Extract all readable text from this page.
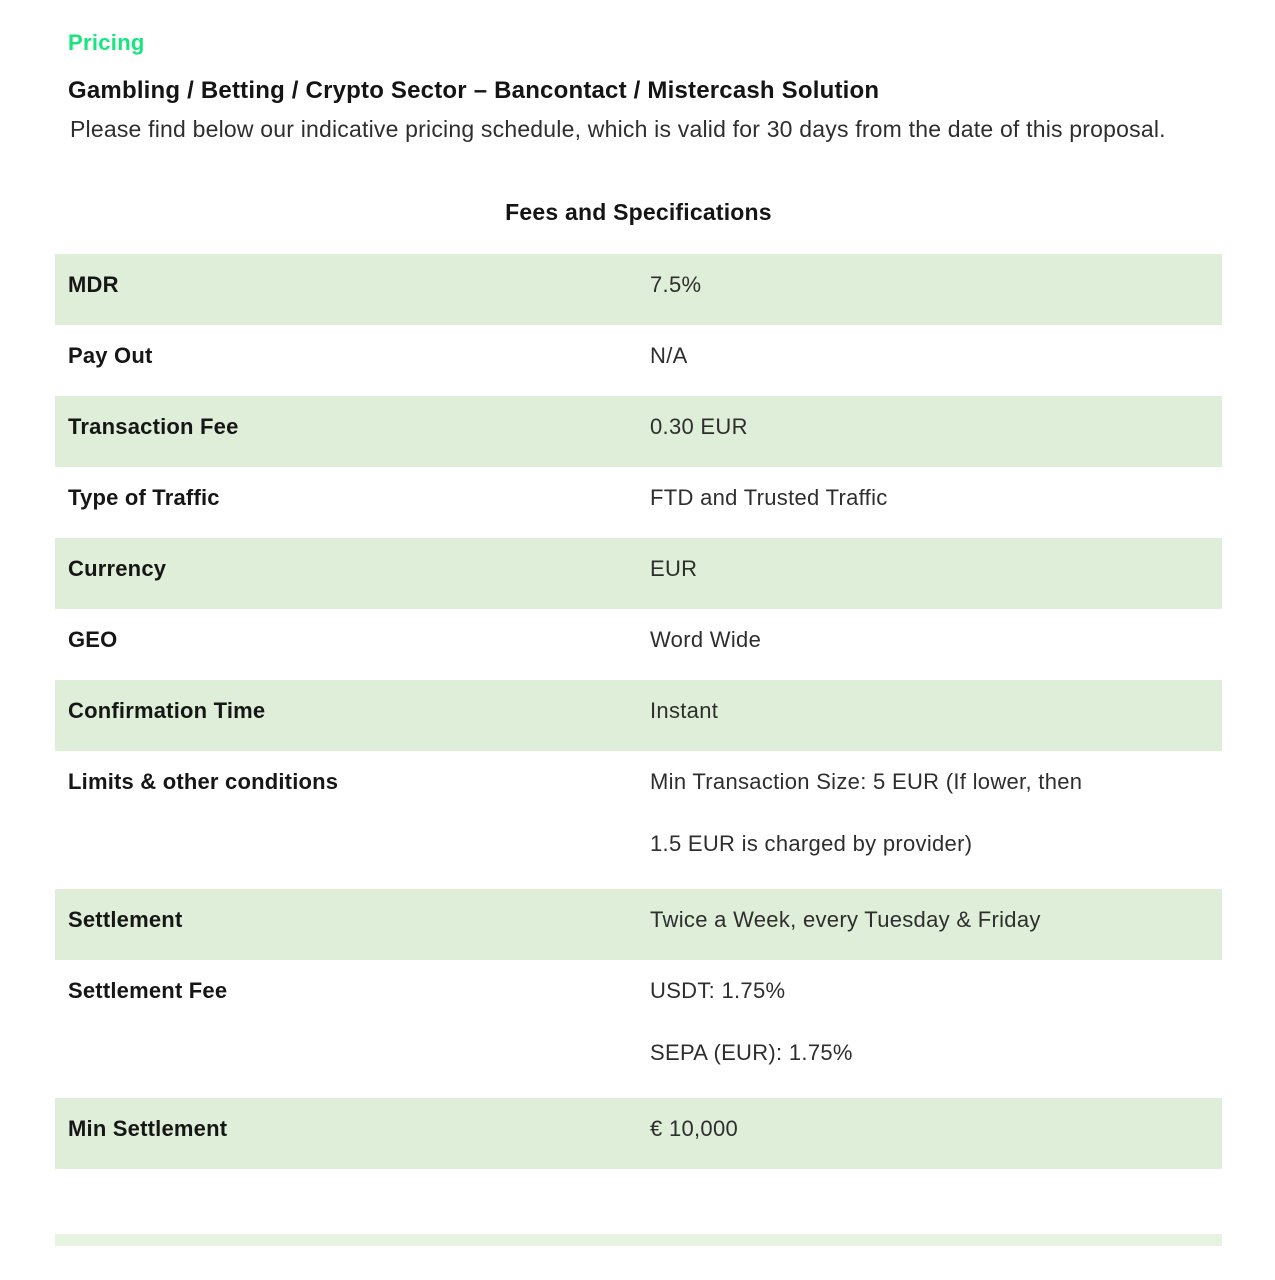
Pricing
Gambling / Betting / Crypto Sector – Bancontact / Mistercash Solution

Please find below our indicative pricing schedule, which is valid for 30 days from the date of this proposal.

Fees and Specifications
MDR	7.5%
Pay Out	N/A
Transaction Fee	0.30 EUR
Type of Traffic	FTD and Trusted Traffic
Currency	EUR
GEO	Word Wide
Confirmation Time	Instant
Limits & other conditions	Min Transaction Size: 5 EUR (If lower, then
1.5 EUR is charged by provider)
Settlement	Twice a Week, every Tuesday & Friday
Settlement Fee	USDT: 1.75%
SEPA (EUR): 1.75%
Min Settlement	€ 10,000
